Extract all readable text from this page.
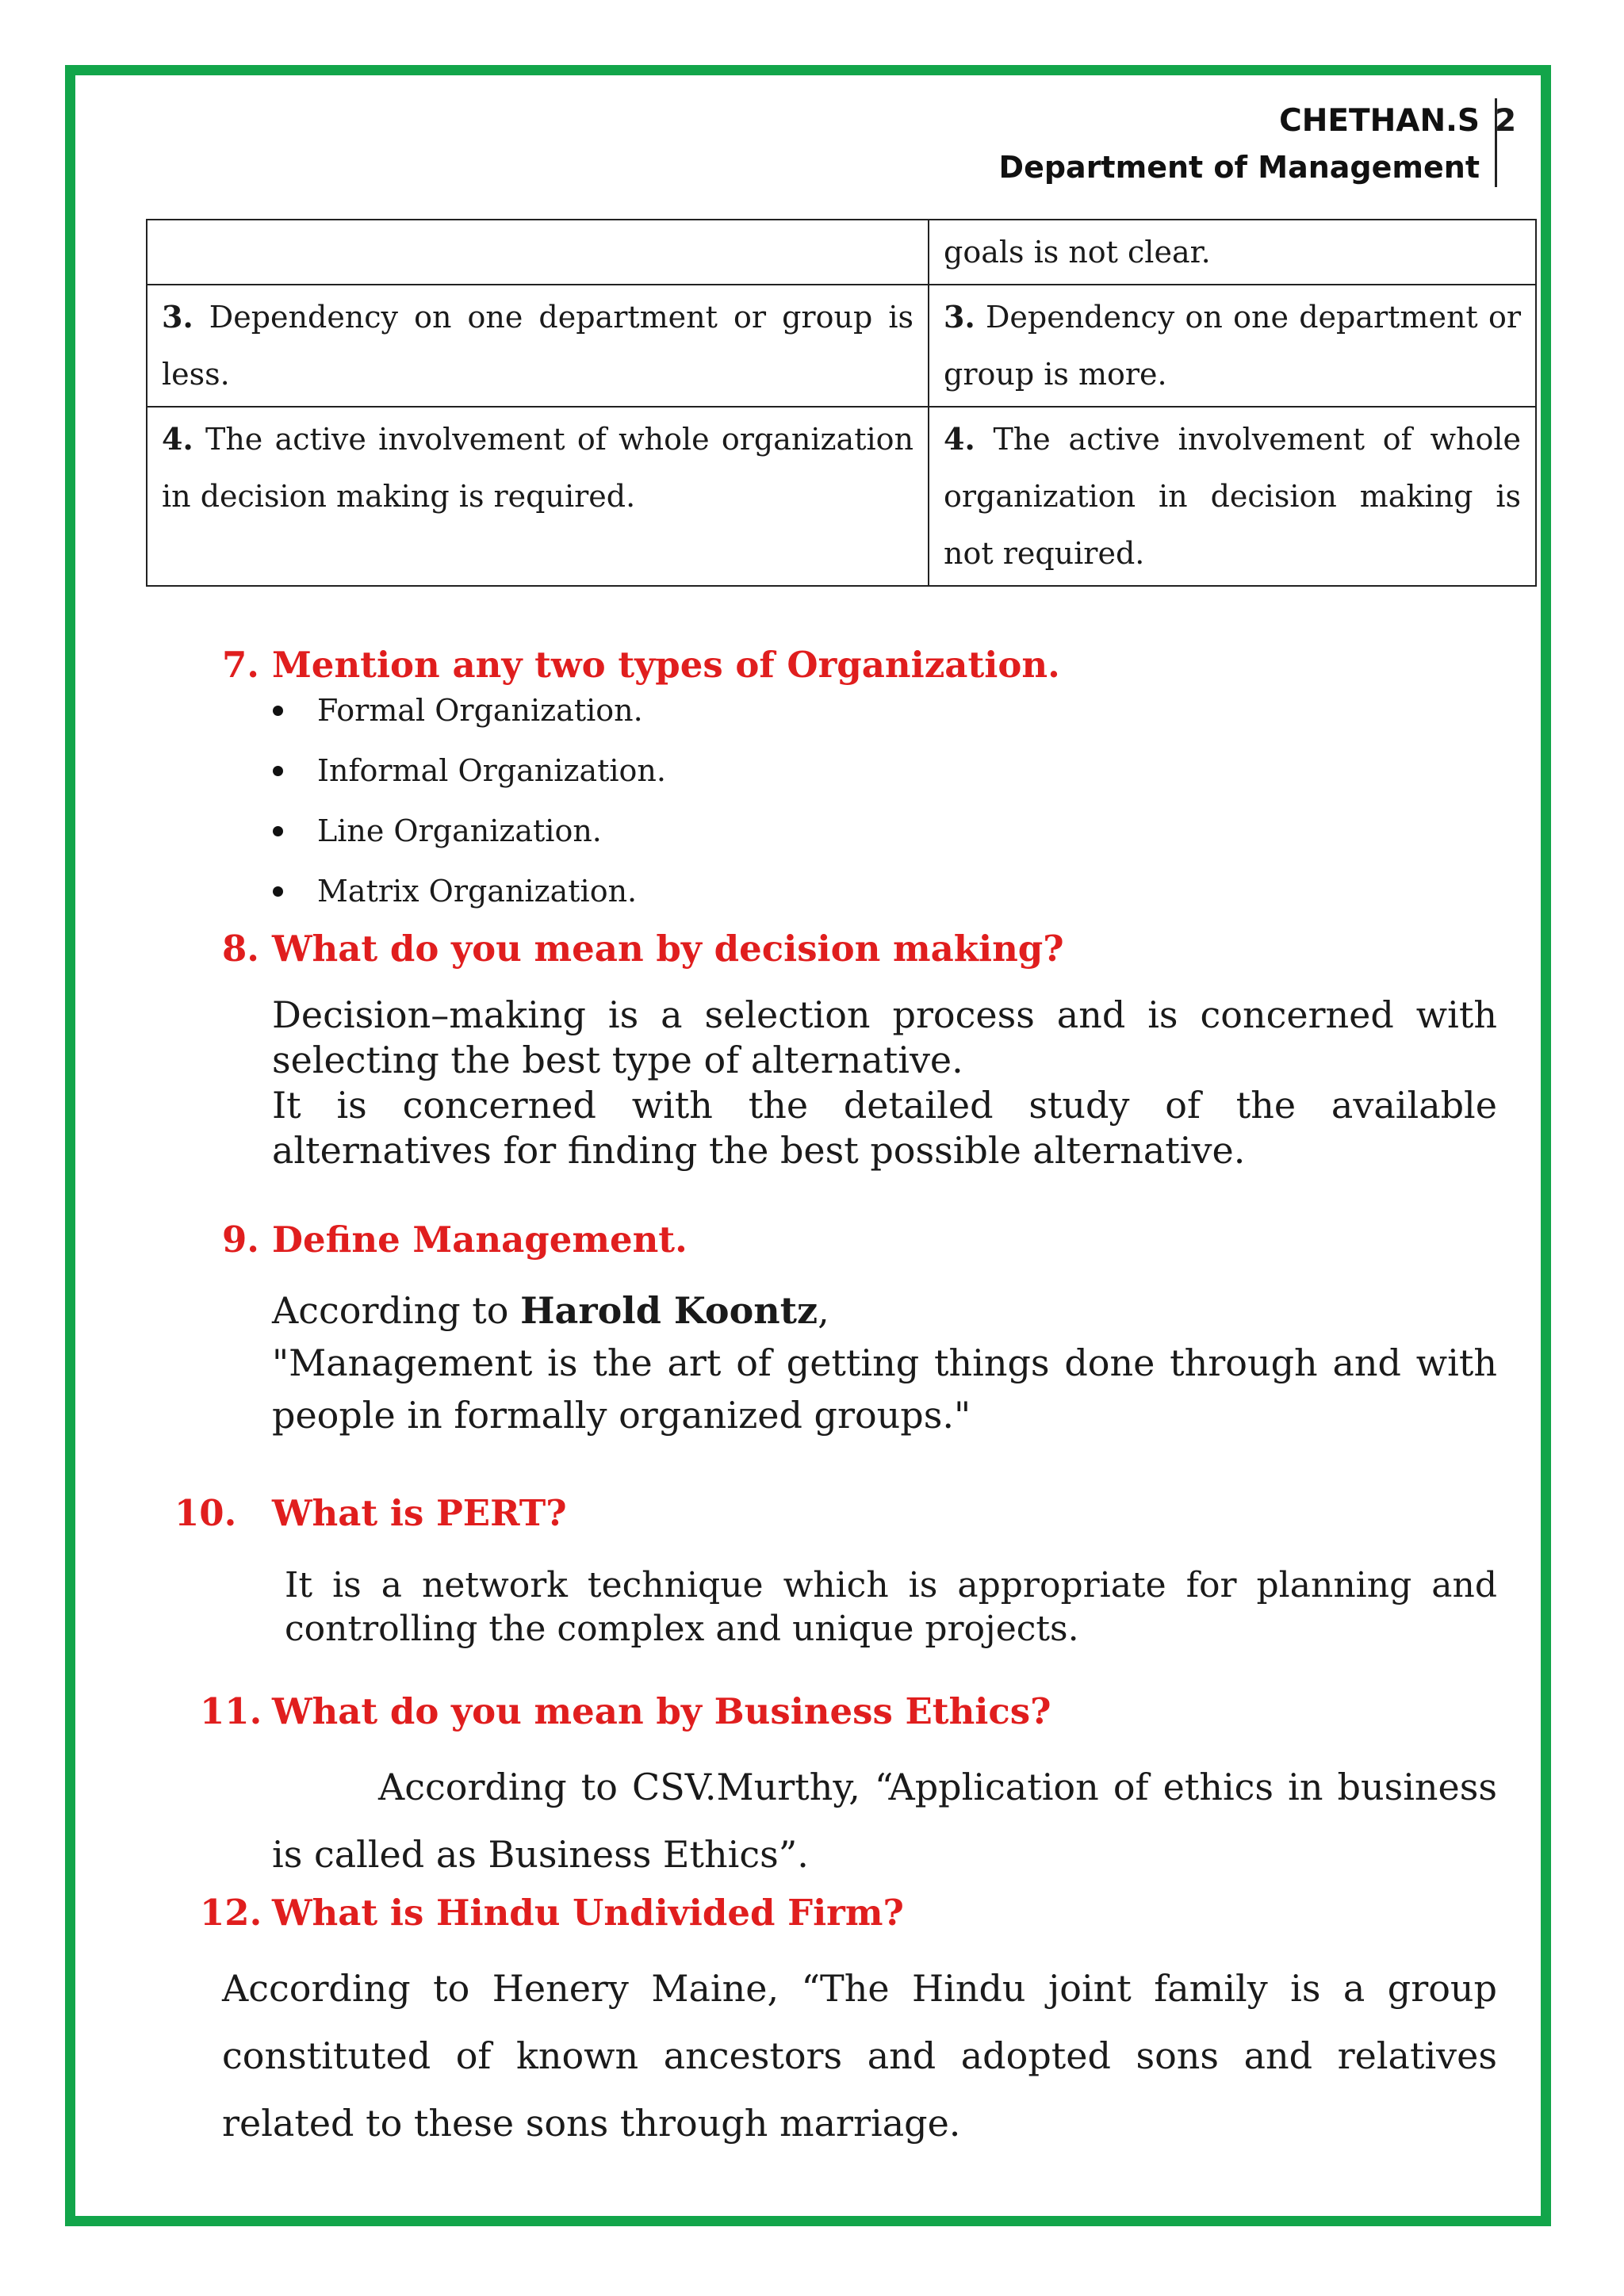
CHETHAN.S
Department of Management
2
	goals is not clear.
3. Dependency on one department or group is less.	3. Dependency on one department or group is more.
4. The active involvement of whole organization in decision making is required.	4. The active involvement of whole organization in decision making is not required.
7. Mention any two types of Organization.
Formal Organization.
Informal Organization.
Line Organization.
Matrix Organization.
8. What do you mean by decision making?
Decision–making is a selection process and is concerned with selecting the best type of alternative.
It is concerned with the detailed study of the available alternatives for finding the best possible alternative.
9. Define Management.
According to Harold Koontz,
"Management is the art of getting things done through and with people in formally organized groups."
10. What is PERT?
It is a network technique which is appropriate for planning and controlling the complex and unique projects.
11. What do you mean by Business Ethics?
According to CSV.Murthy, “Application of ethics in business is called as Business Ethics”.
12. What is Hindu Undivided Firm?
According to Henery Maine, “The Hindu joint family is a group constituted of known ancestors and adopted sons and relatives related to these sons through marriage.
